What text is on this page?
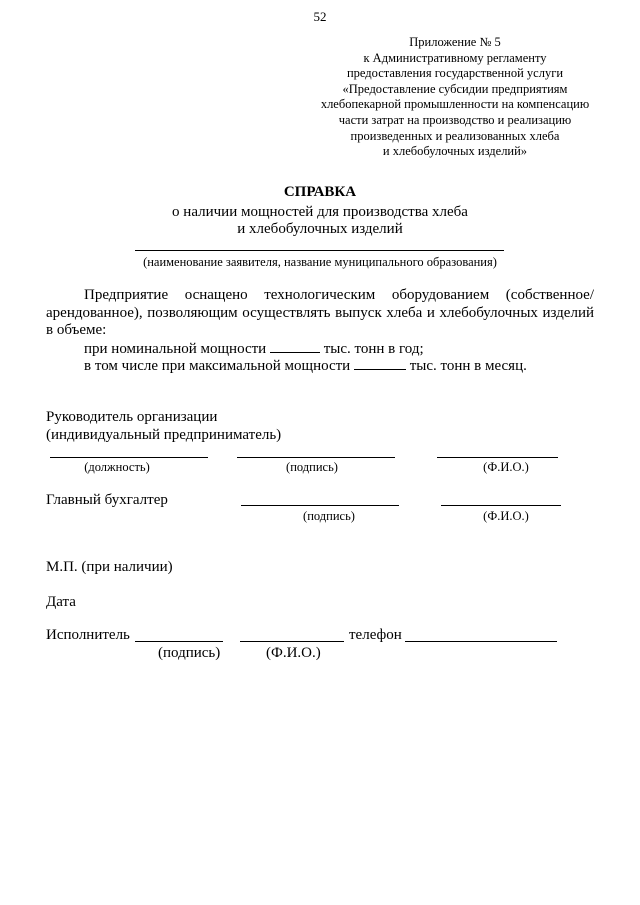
52
Приложение № 5
к Административному регламенту
предоставления государственной услуги
«Предоставление субсидии предприятиям
хлебопекарной промышленности на компенсацию
части затрат на производство и реализацию
произведенных и реализованных хлеба
и хлебобулочных изделий»
СПРАВКА
о наличии мощностей для производства хлеба
и хлебобулочных изделий
(наименование заявителя, название муниципального образования)
Предприятие оснащено технологическим оборудованием (собственное/ арендованное), позволяющим осуществлять выпуск хлеба и хлебобулочных изделий в объеме:
при номинальной мощности	тыс. тонн в год;
в том числе при максимальной мощности	тыс. тонн в месяц.
Руководитель организации
(индивидуальный предприниматель)
(должность)	(подпись)	(Ф.И.О.)
Главный бухгалтер
(подпись)	(Ф.И.О.)
М.П. (при наличии)
Дата
Исполнитель	телефон
(подпись)	(Ф.И.О.)
